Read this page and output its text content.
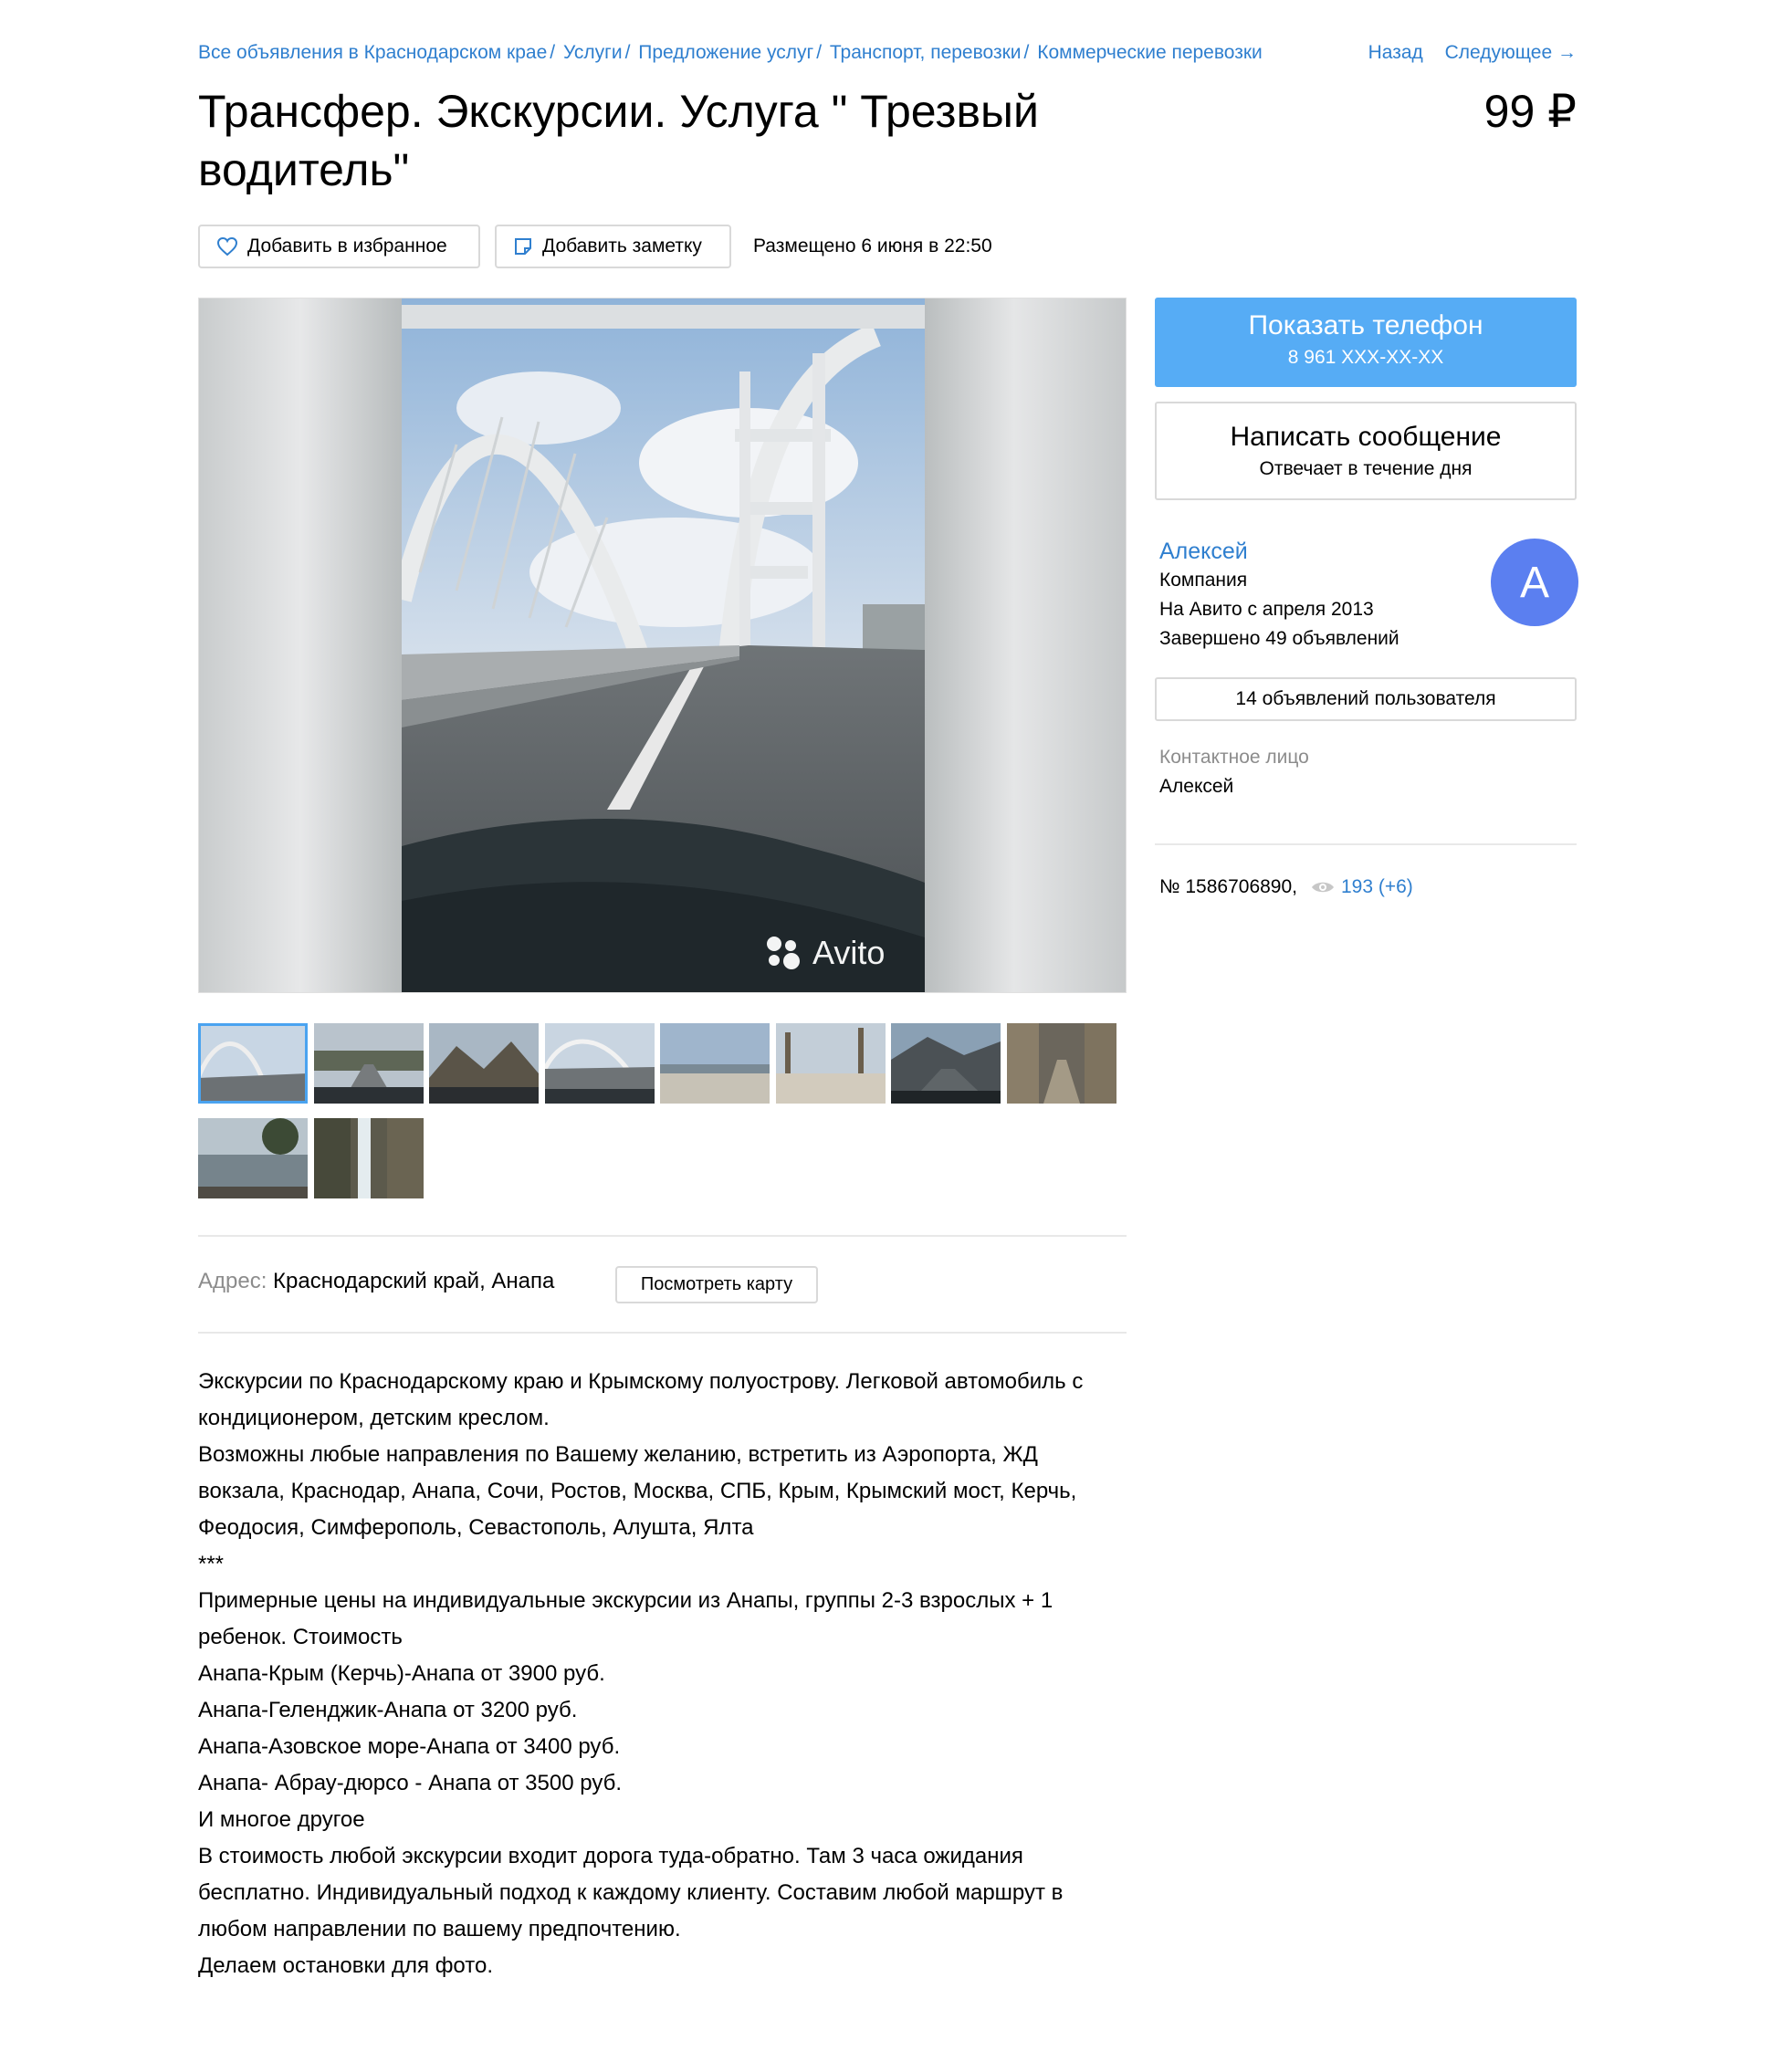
Все объявления в Краснодарском крае / Услуги / Предложение услуг / Транспорт, перевозки / Коммерческие перевозки	Назад Следующее →
Трансфер. Экскурсии. Услуга " Трезвый водитель"
99 ₽
Добавить в избранное	Добавить заметку	Размещено 6 июня в 22:50
Avito
Адрес: Краснодарский край, Анапа	Посмотреть карту

Экскурсии по Краснодарскому краю и Крымскому полуострову. Легковой автомобиль с кондиционером, детским креслом.

Возможны любые направления по Вашему желанию, встретить из Аэропорта, ЖД вокзала, Краснодар, Анапа, Сочи, Ростов, Москва, СПБ, Крым, Крымский мост, Керчь, Феодосия, Симферополь, Севастополь, Алушта, Ялта

***

Примерные цены на индивидуальные экскурсии из Анапы, группы 2-3 взрослых + 1 ребенок. Стоимость

Анапа-Крым (Керчь)-Анапа от 3900 руб.

Анапа-Геленджик-Анапа от 3200 руб.

Анапа-Азовское море-Анапа от 3400 руб.

Анапа- Абрау-дюрсо - Анапа от 3500 руб.

И многое другое

В стоимость любой экскурсии входит дорога туда-обратно. Там 3 часа ожидания бесплатно. Индивидуальный подход к каждому клиенту. Составим любой маршрут в любом направлении по вашему предпочтению.

Делаем остановки для фото.

Показать телефон
8 961 XXX-XX-XX
Написать сообщение
Отвечает в течение дня
Алексей
Компания
На Авито с апреля 2013
Завершено 49 объявлений
А
14 объявлений пользователя
Контактное лицо
Алексей
№ 1586706890, 193 (+6)
